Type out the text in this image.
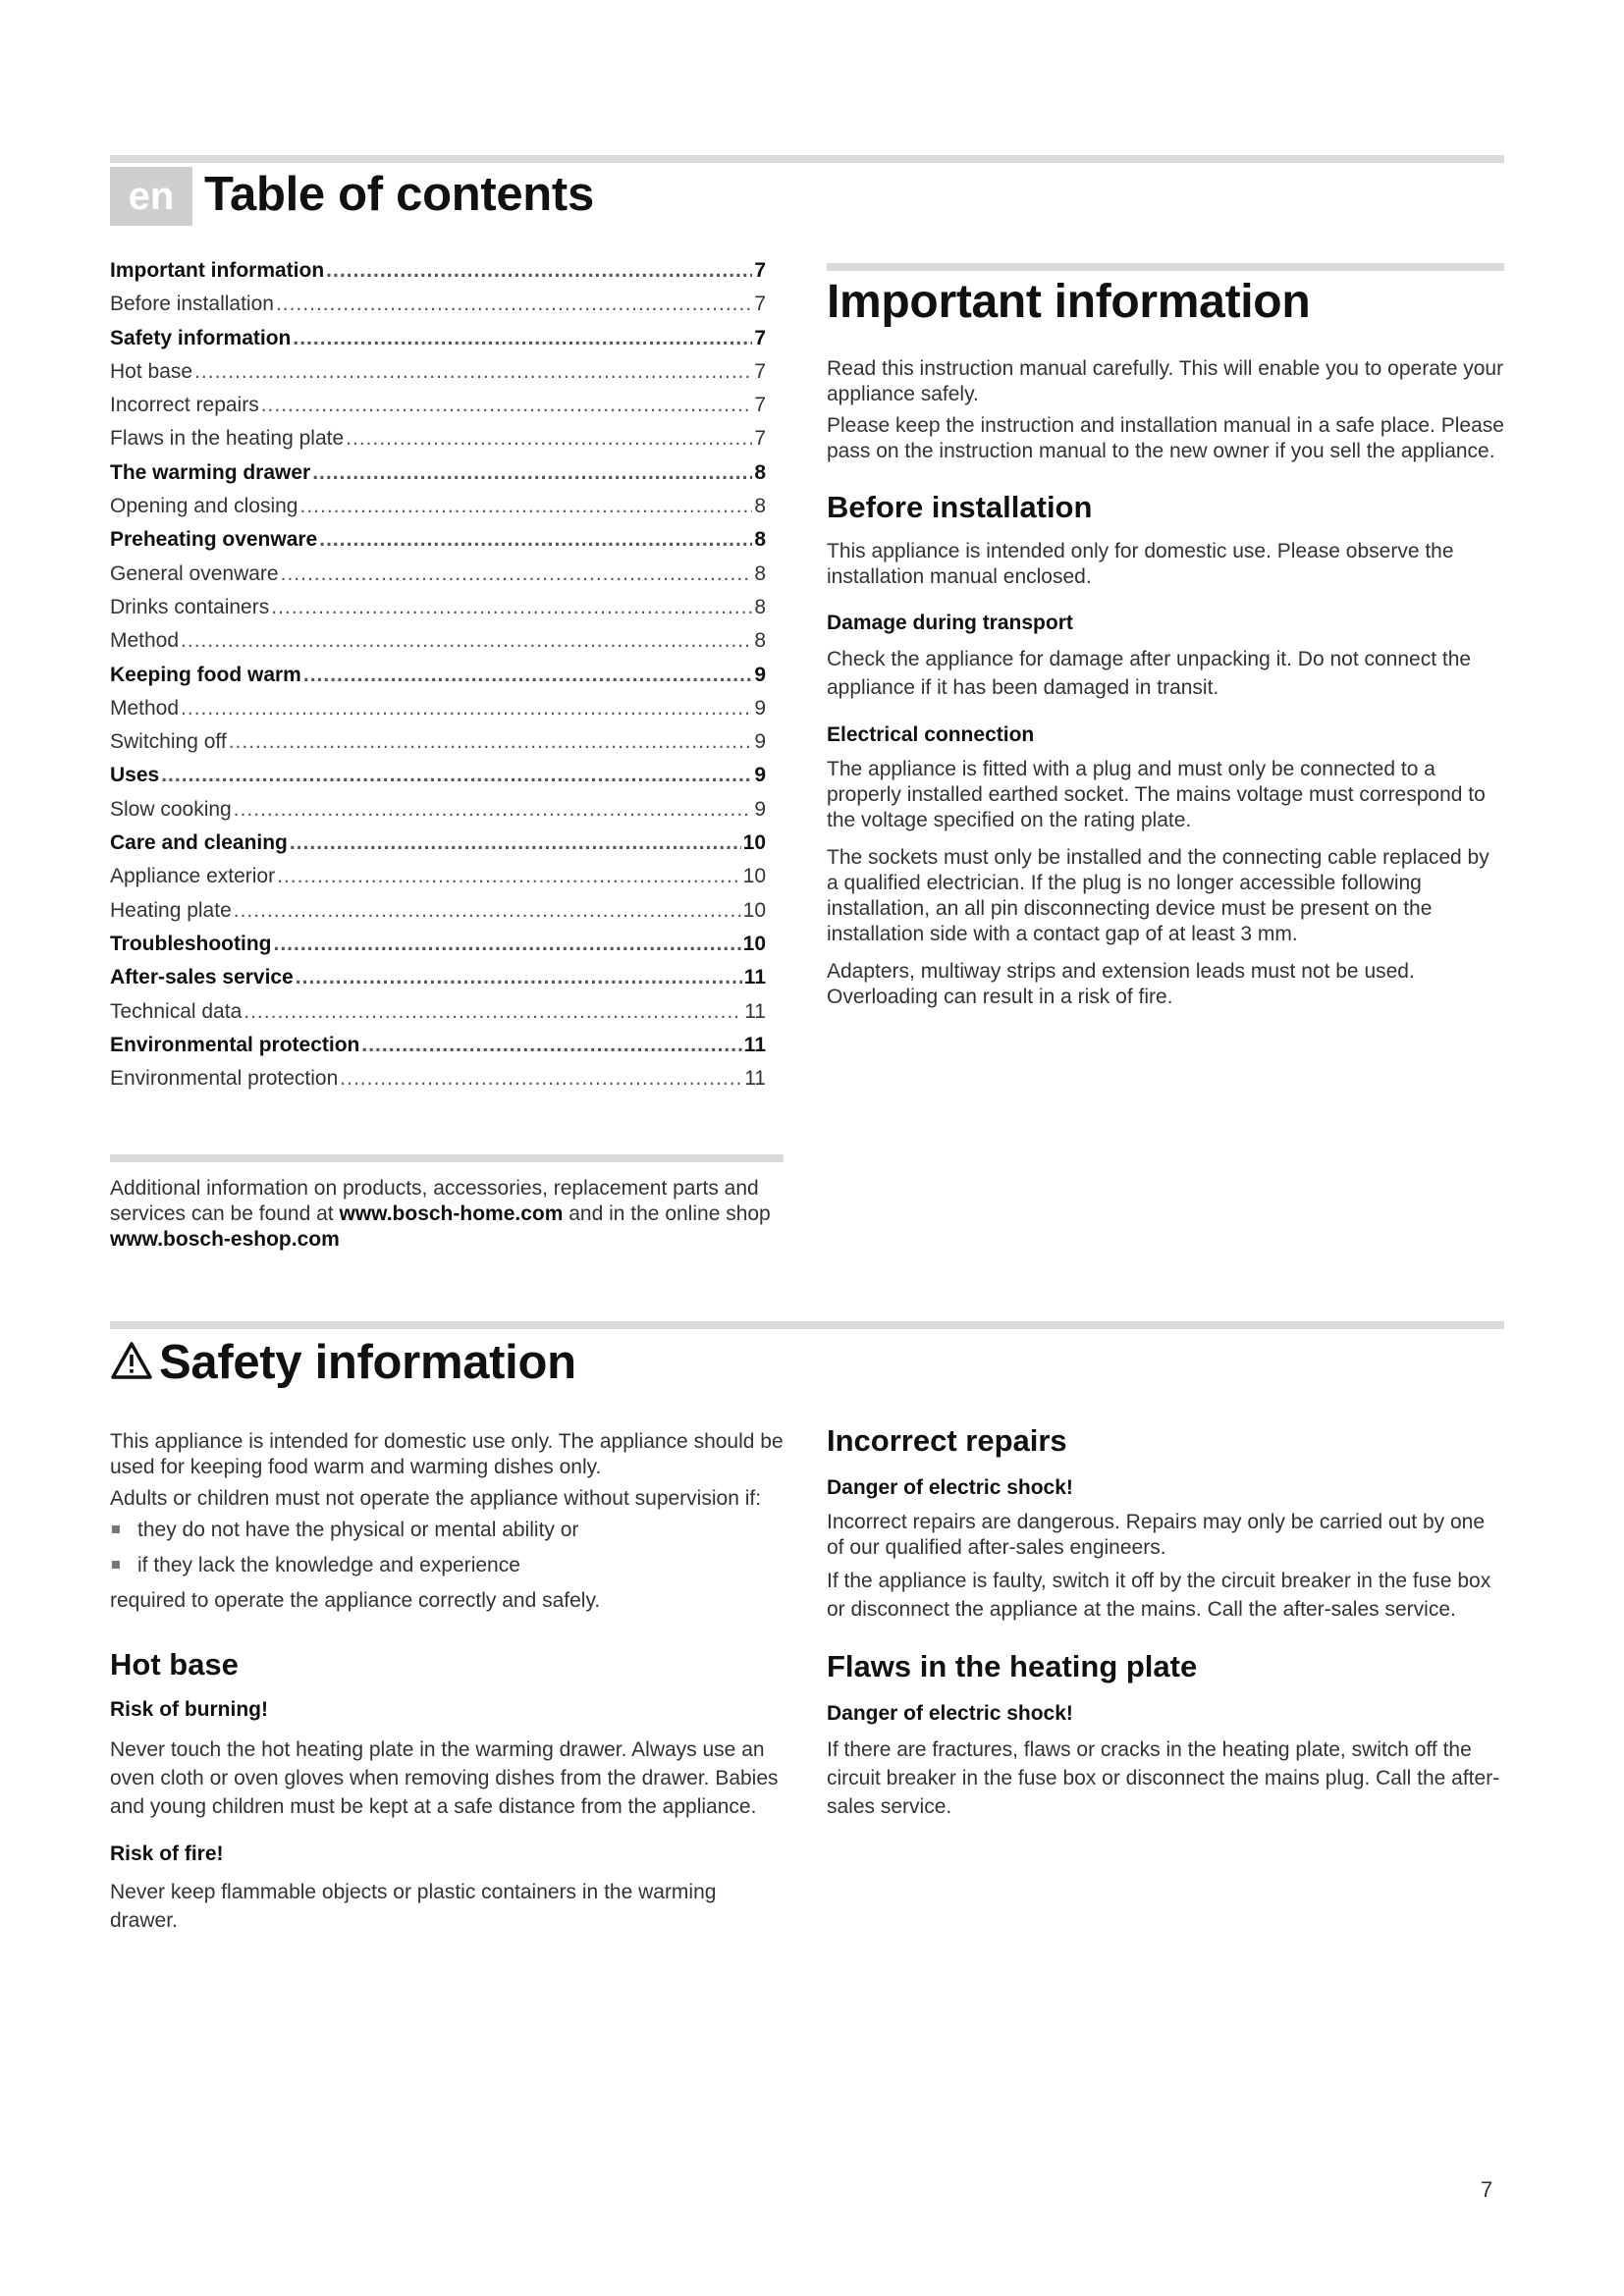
en Table of contents
Important information .....	7
Before installation .....	7
Safety information .....	7
Hot base .....	7
Incorrect repairs .....	7
Flaws in the heating plate .....	7
The warming drawer .....	8
Opening and closing .....	8
Preheating ovenware .....	8
General ovenware .....	8
Drinks containers .....	8
Method .....	8
Keeping food warm .....	9
Method .....	9
Switching off .....	9
Uses .....	9
Slow cooking .....	9
Care and cleaning .....	10
Appliance exterior .....	10
Heating plate .....	10
Troubleshooting .....	10
After-sales service .....	11
Technical data .....	11
Environmental protection .....	11
Environmental protection .....	11
Important information

Read this instruction manual carefully. This will enable you to operate your appliance safely.

Please keep the instruction and installation manual in a safe place. Please pass on the instruction manual to the new owner if you sell the appliance.

Before installation

This appliance is intended only for domestic use. Please observe the installation manual enclosed.

Damage during transport

Check the appliance for damage after unpacking it. Do not connect the appliance if it has been damaged in transit.

Electrical connection

The appliance is fitted with a plug and must only be connected to a properly installed earthed socket. The mains voltage must correspond to the voltage specified on the rating plate.

The sockets must only be installed and the connecting cable replaced by a qualified electrician. If the plug is no longer accessible following installation, an all pin disconnecting device must be present on the installation side with a contact gap of at least 3 mm.

Adapters, multiway strips and extension leads must not be used. Overloading can result in a risk of fire.

Additional information on products, accessories, replacement parts and services can be found at www.bosch-home.com and in the online shop www.bosch-eshop.com

Safety information

This appliance is intended for domestic use only. The appliance should be used for keeping food warm and warming dishes only.

Adults or children must not operate the appliance without supervision if:

they do not have the physical or mental ability or
if they lack the knowledge and experience

required to operate the appliance correctly and safely.

Hot base
Risk of burning!

Never touch the hot heating plate in the warming drawer. Always use an oven cloth or oven gloves when removing dishes from the drawer. Babies and young children must be kept at a safe distance from the appliance.

Risk of fire!

Never keep flammable objects or plastic containers in the warming drawer.

Incorrect repairs
Danger of electric shock!

Incorrect repairs are dangerous. Repairs may only be carried out by one of our qualified after-sales engineers.

If the appliance is faulty, switch it off by the circuit breaker in the fuse box or disconnect the appliance at the mains. Call the after-sales service.

Flaws in the heating plate
Danger of electric shock!

If there are fractures, flaws or cracks in the heating plate, switch off the circuit breaker in the fuse box or disconnect the mains plug. Call the after-sales service.

7
